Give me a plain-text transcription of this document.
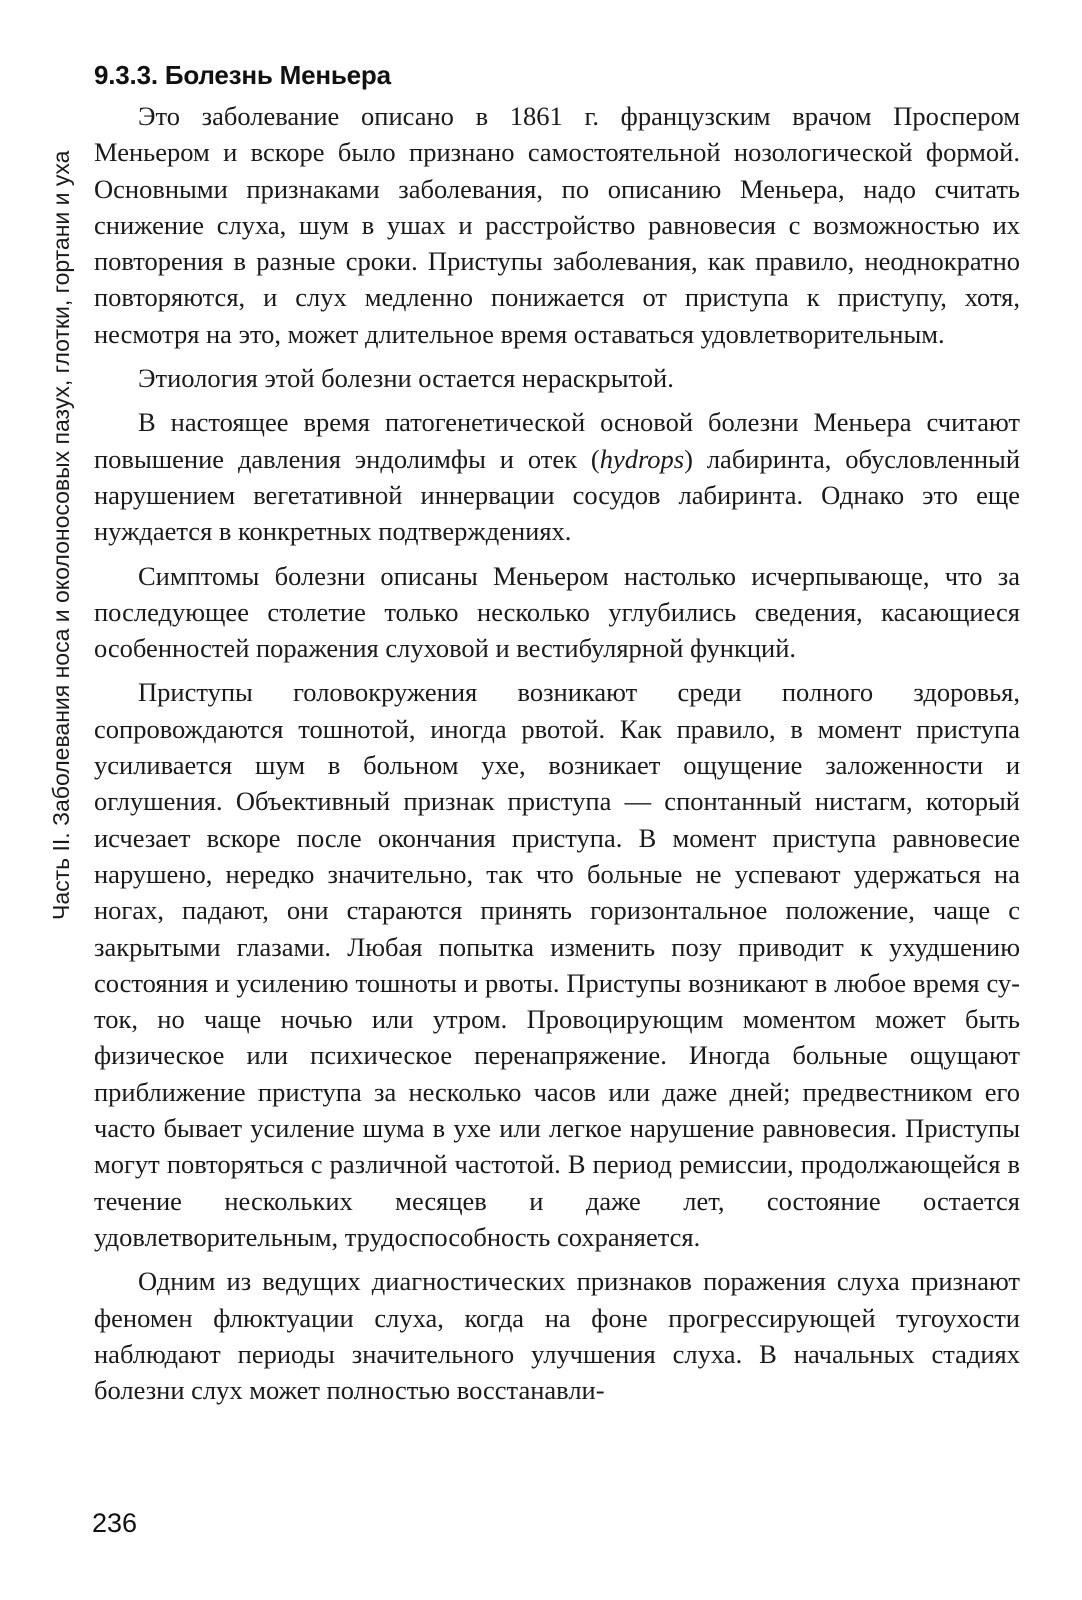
Часть II. Заболевания носа и околоносовых пазух, глотки, гортани и уха
9.3.3. Болезнь Меньера

Это заболевание описано в 1861 г. французским врачом Проспером Меньером и вскоре было признано самостоятельной нозологической формой. Основными признаками заболевания, по описанию Меньера, надо считать снижение слуха, шум в ушах и расстройство равновесия с возможностью их повторения в разные сроки. Приступы заболевания, как правило, неоднократно повторяются, и слух медленно понижается от приступа к приступу, хотя, несмотря на это, может длительное время оставаться удовлетворительным.

Этиология этой болезни остается нераскрытой.

В настоящее время патогенетической основой болезни Меньера считают повышение давления эндолимфы и отек (hydrops) лабиринта, обусловленный нарушением вегетативной иннервации сосудов лабиринта. Однако это еще нуждается в конкретных подтверждениях.

Симптомы болезни описаны Меньером настолько исчерпывающе, что за последующее столетие только несколько углубились сведения, касающиеся особенностей поражения слуховой и вестибулярной функций.

Приступы головокружения возникают среди полного здоровья, сопровождаются тошнотой, иногда рвотой. Как правило, в момент приступа усиливается шум в больном ухе, возникает ощущение заложенности и оглушения. Объективный признак приступа — спонтанный нистагм, который исчезает вскоре после окончания приступа. В момент приступа равновесие нарушено, нередко значительно, так что больные не успевают удержаться на ногах, падают, они стараются принять горизонтальное положение, чаще с закрытыми глазами. Любая попытка изменить позу приводит к ухудшению состояния и усилению тошноты и рвоты. Приступы возникают в любое время суток, но чаще ночью или утром. Провоцирующим моментом может быть физическое или психическое перенапряжение. Иногда больные ощущают приближение приступа за несколько часов или даже дней; предвестником его часто бывает усиление шума в ухе или легкое нарушение равновесия. Приступы могут повторяться с различной частотой. В период ремиссии, продолжающейся в течение нескольких месяцев и даже лет, состояние остается удовлетворительным, трудоспособность сохраняется.

Одним из ведущих диагностических признаков поражения слуха признают феномен флюктуации слуха, когда на фоне прогрессирующей тугоухости наблюдают периоды значительного улучшения слуха. В начальных стадиях болезни слух может полностью восстанавли-

236
